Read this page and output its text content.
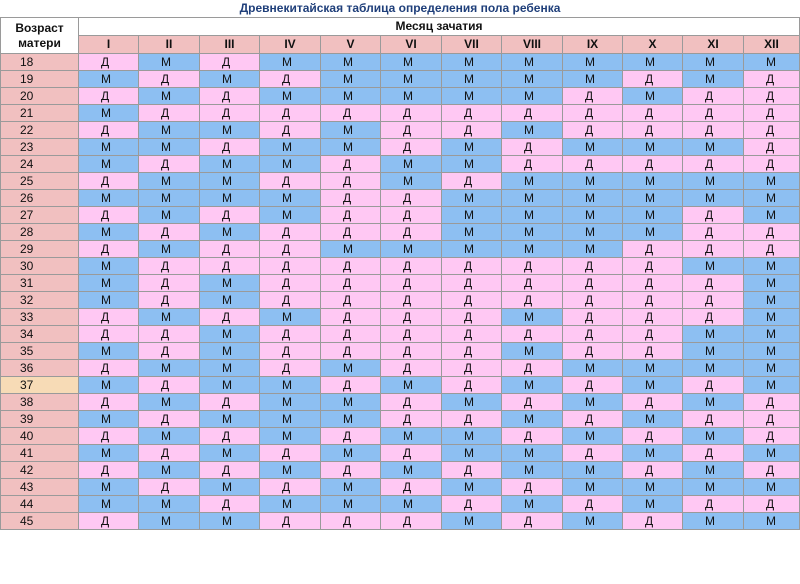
Древнекитайская таблица определения пола ребенка
Возраст матери	Месяц зачатия											
	I	II	III	IV	V	VI	VII	VIII	IX	X	XI	XII
18	Д	М	Д	М	М	М	М	М	М	М	М	М
19	М	Д	М	Д	М	М	М	М	М	Д	М	Д
20	Д	М	Д	М	М	М	М	М	Д	М	Д	Д
21	М	Д	Д	Д	Д	Д	Д	Д	Д	Д	Д	Д
22	Д	М	М	Д	М	Д	Д	М	Д	Д	Д	Д
23	М	М	Д	М	М	Д	М	Д	М	М	М	Д
24	М	Д	М	М	Д	М	М	Д	Д	Д	Д	Д
25	Д	М	М	Д	Д	М	Д	М	М	М	М	М
26	М	М	М	М	Д	Д	М	М	М	М	М	М
27	Д	М	Д	М	Д	Д	М	М	М	М	Д	М
28	М	Д	М	Д	Д	Д	М	М	М	М	Д	Д
29	Д	М	Д	Д	М	М	М	М	М	Д	Д	Д
30	М	Д	Д	Д	Д	Д	Д	Д	Д	Д	М	М
31	М	Д	М	Д	Д	Д	Д	Д	Д	Д	Д	М
32	М	Д	М	Д	Д	Д	Д	Д	Д	Д	Д	М
33	Д	М	Д	М	Д	Д	Д	М	Д	Д	Д	М
34	Д	Д	М	Д	Д	Д	Д	Д	Д	Д	М	М
35	М	Д	М	Д	Д	Д	Д	М	Д	Д	М	М
36	Д	М	М	Д	М	Д	Д	Д	М	М	М	М
37	М	Д	М	М	Д	М	Д	М	Д	М	Д	М
38	Д	М	Д	М	М	Д	М	Д	М	Д	М	Д
39	М	Д	М	М	М	Д	Д	М	Д	М	Д	Д
40	Д	М	Д	М	Д	М	М	Д	М	Д	М	Д
41	М	Д	М	Д	М	Д	М	М	Д	М	Д	М
42	Д	М	Д	М	Д	М	Д	М	М	Д	М	Д
43	М	Д	М	Д	М	Д	М	Д	М	М	М	М
44	М	М	Д	М	М	М	Д	М	Д	М	Д	Д
45	Д	М	М	Д	Д	Д	М	Д	М	Д	М	М
